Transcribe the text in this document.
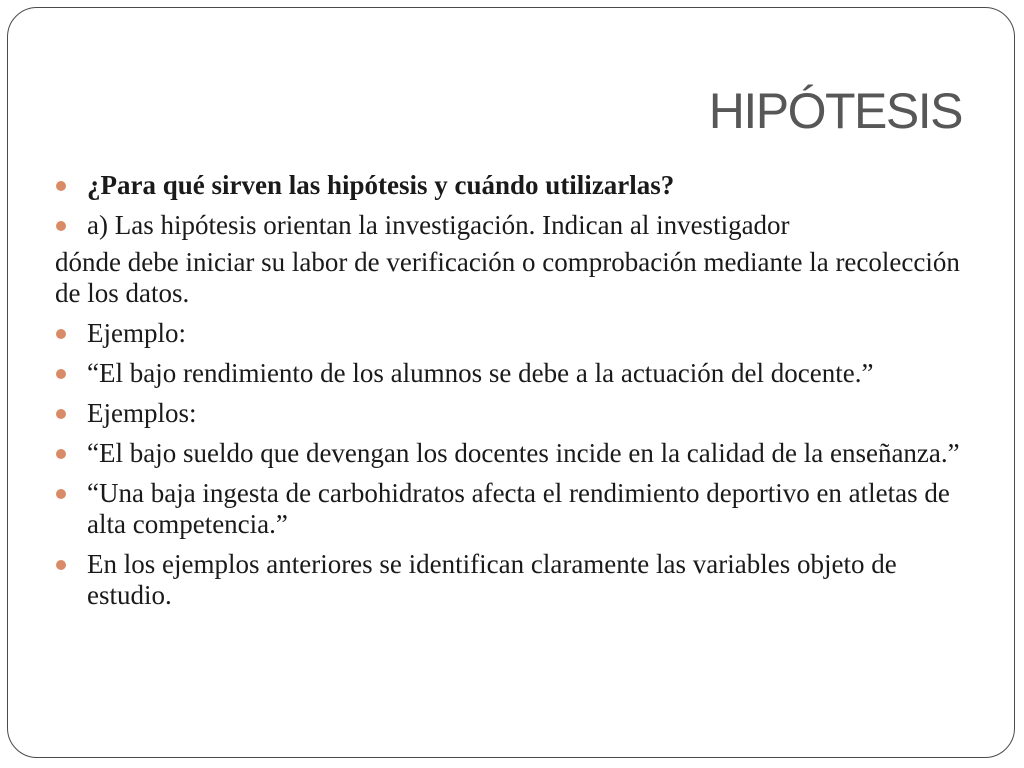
HIPÓTESIS
¿Para qué sirven las hipótesis y cuándo utilizarlas?
a) Las hipótesis orientan la investigación. Indican al investigador
dónde debe iniciar su labor de verificación o comprobación mediante la recolección de los datos.
Ejemplo:
“El bajo rendimiento de los alumnos se debe a la actuación del docente.”
Ejemplos:
“El bajo sueldo que devengan los docentes incide en la calidad de la enseñanza.”
“Una baja ingesta de carbohidratos afecta el rendimiento deportivo en atletas de alta competencia.”
En los ejemplos anteriores se identifican claramente las variables objeto de estudio.
